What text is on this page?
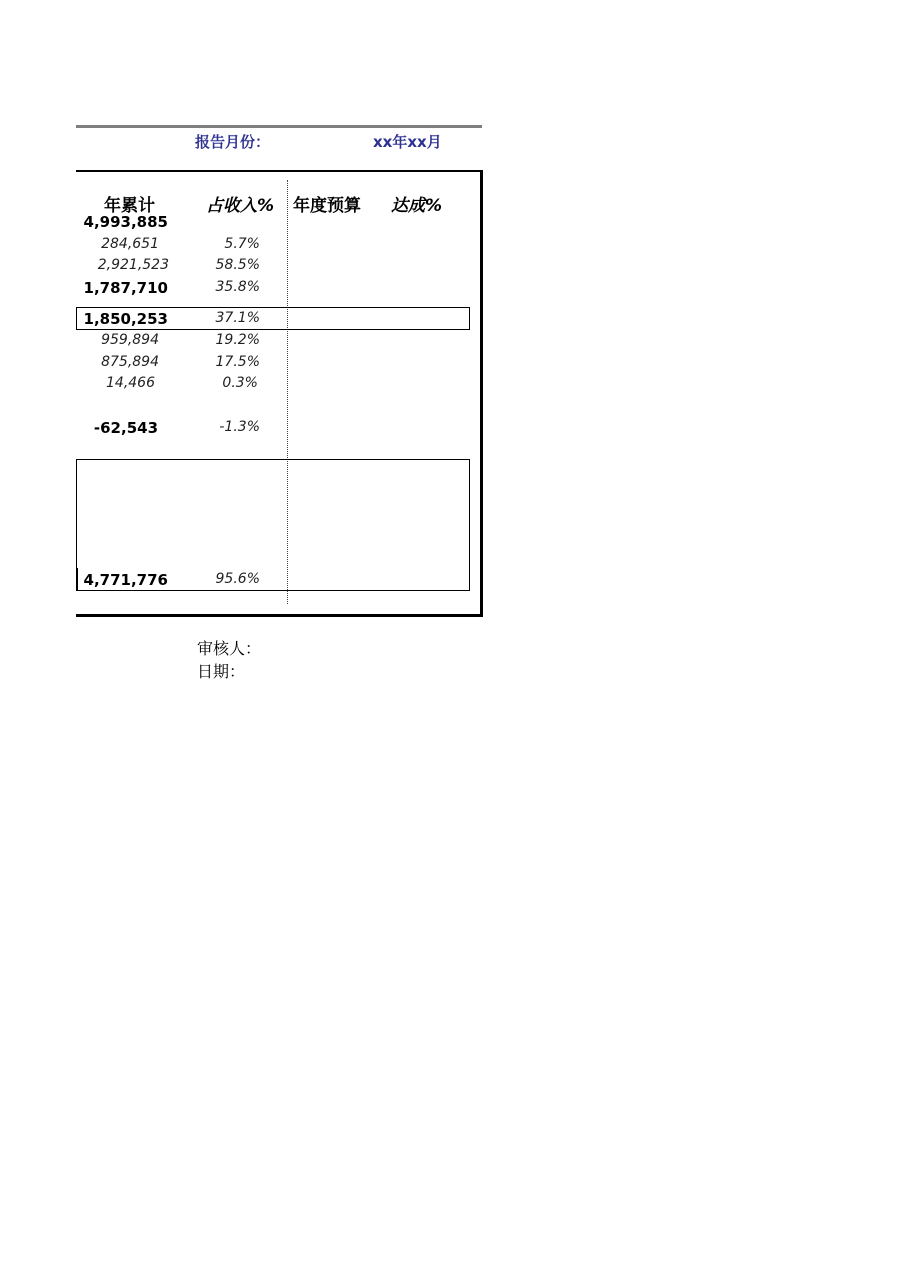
报告月份：	xx年xx月
年累计	占收入% 年度预算 达成%
4,993,885
284,651
2,921,523
1,787,710
1,850,253
959,894
875,894
14,466
-62,543
4,771,776
5.7%
58.5%
35.8%
37.1%
19.2%
17.5%
0.3%
-1.3%
95.6%
审核人：
日期：
